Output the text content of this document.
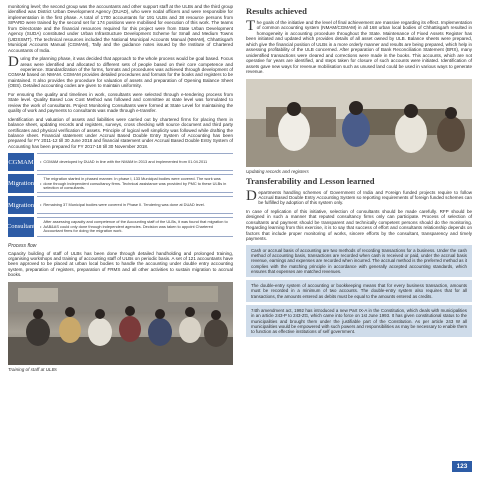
monitoring level; the second group was the accountants and other support staff at the ULBs and the third group identified was District Urban Development Agency (DUAD), who were nodal officers and were responsible for implementation in the first phase. A total of 1700 accountants for 191 ULBs and 38 resource persons from SIPARD were trained by the second set for 174 positions were mobilised for execution of this work. The teams from Directorate and the financial resources required for this project were from State Urban Development Agency (SUDA) constituted under Urban Infrastructure Development Scheme for Small and Medium Towns (UIDSSMT). The technical resources included the National Municipal Accounts Manual (NMAM), Chhattisgarh Municipal Accounts Manual (CGMAM), Tally and the guidance notes issued by the Institute of Chartered Accountants of India.

During the planning phase, it was decided that approach to the whole process would be goal based. Focus areas were identified and allocated to different sets of people based on their core competence and experience. Standardization of the forms, formats and procedures was achieved through development of CGMAM based on NMAM. CGMAM provides detailed procedures and formats for the books and registers to be maintained. It also provides the procedure for valuation of assets and preparation of Opening Balance Sheet (OBS). Detailed accounting codes are given to maintain uniformity.

For ensuring the quality and timelines in work, consultants were selected through e-tendering process from State level. Quality Based Low Cost Method was followed and committee at state level was formulated to review the work of consultants. Project Monitoring Consultants were formed at State Level for maintaining the quality of work and payments to consultants was made through e-transfer.

Identification and valuation of assets and liabilities were carried out by chartered firms for placing them in balance sheet, updating records and registers, surveys, cross checking with source document and third party certificates and physical verification of assets. Principle of logical well simplicity was followed while drafting the balance sheet. Financial statement under Accrual Based Double Entry System of Accounting has been prepared for FY 2011-12 till 30 June 2018 and financial statement under Accrual Based Double Entry System of Accounting has been prepared for FY 2017-18 till 30 November 2018.

CGMAM • CGMAM developed by DUAD in line with the NMAM in 2013 and implemented from 01.04.2011
Migration •
The migration started in phased manner. In phase I, 133 Municipal bodies were covered. The work was done through independent consultancy firms. Technical assistance was provided by PMC to these ULBs in selection of consultants.
Migration • Remaining 37 Municipal bodies were covered in Phase II. Tendering was done at DUAD level.
Consultant •
After assessing capacity and competence of the Accounting staff of the ULBs, it was found that migration to AAB&AS could only done through independent agencies. Decision was taken to appoint Chartered Accountant firms for doing the migration work.
Process flow

Capacity building of staff of ULBs has been done through detailed handholding and prolonged training, organising workshops and training of accounting staff of ULBs on periodic basis. A set of 121 accountants have been approved to be placed at urban local bodies to handle the accounting under double entry accounting system, preparation of registers, preparation of FRMS and all other activities to sustain migration to accrual books.

Training of staff at ULBs
Results achieved

The goals of the initiative and the level of final achievement are massive regarding its effect. Implementation of common accounting system (NMAM/CGMAM) in all 168 urban local bodies of Chhattisgarh resulted in homogeneity in accounting procedure throughout the State. Maintenance of Fixed Assets Register has been initiated and updated which provides details of all asset owned by ULB. Balance sheets were prepared, which give the financial position of ULBs in a more orderly manner and results are being prepared, which help in assessing profitability of the ULB concerned. After preparation of Bank Reconciliation Statement (BRS), many unidentified transactions were cleared and corrections were made in the books. This accounts, which are not operative for years are identified, and steps taken for closure of such accounts were initiated. Identification of assets gave new ways for revenue mobilisation such as unused land could be used in various ways to generate revenue.

Updating records and registers
Transferability and Lesson learned

Departments handling schemes of Government of India and Foreign funded projects require to follow Accrual Based Double Entry Accounting System so reporting requirements of foreign funded schemes can be fulfilled by adoption of this system only.

In case of replication of this initiative, selection of consultants should be made carefully. RFP should be designed in such a manner that reputed consultancy firms only can participate. Process of selection of consultants and payment should be transparent and technically competent persons should do the monitoring. Regarding learning from this exercise, it is to say that success of effort and consultants relationship depends on factors that include proper monitoring of works, sincere efforts by the consultant, transparency and timely payments.

Cash or accrual basis of accounting are two methods of recording transactions for a business. Under the cash method of accounting basis, transactions are recorded when cash is received or paid, under the accrual basis revenue, earnings and expenses are recorded when incurred. The accrual method is the preferred method as it complies with the matching principle in accordance with generally accepted accounting standards, which ensures that expenses are matched revenues.

The double-entry system of accounting or bookkeeping means that for every business transaction, amounts must be recorded in a minimum of two accounts. The double-entry system also requires that for all transactions, the amounts entered as debits must be equal to the amounts entered as credits.

74th amendment act, 1992 has introduced a new Part IX-A in the Constitution, which deals with municipalities in an article 243-P to 243-ZG, which came into force on 1st June 1993. It has given constitutional status to the municipalities and brought them under the justifiable part of the Constitution. As per article 243 W all municipalities would be empowered with such powers and responsibilities as may be necessary to enable them to function as effective institutions of self government.

123
